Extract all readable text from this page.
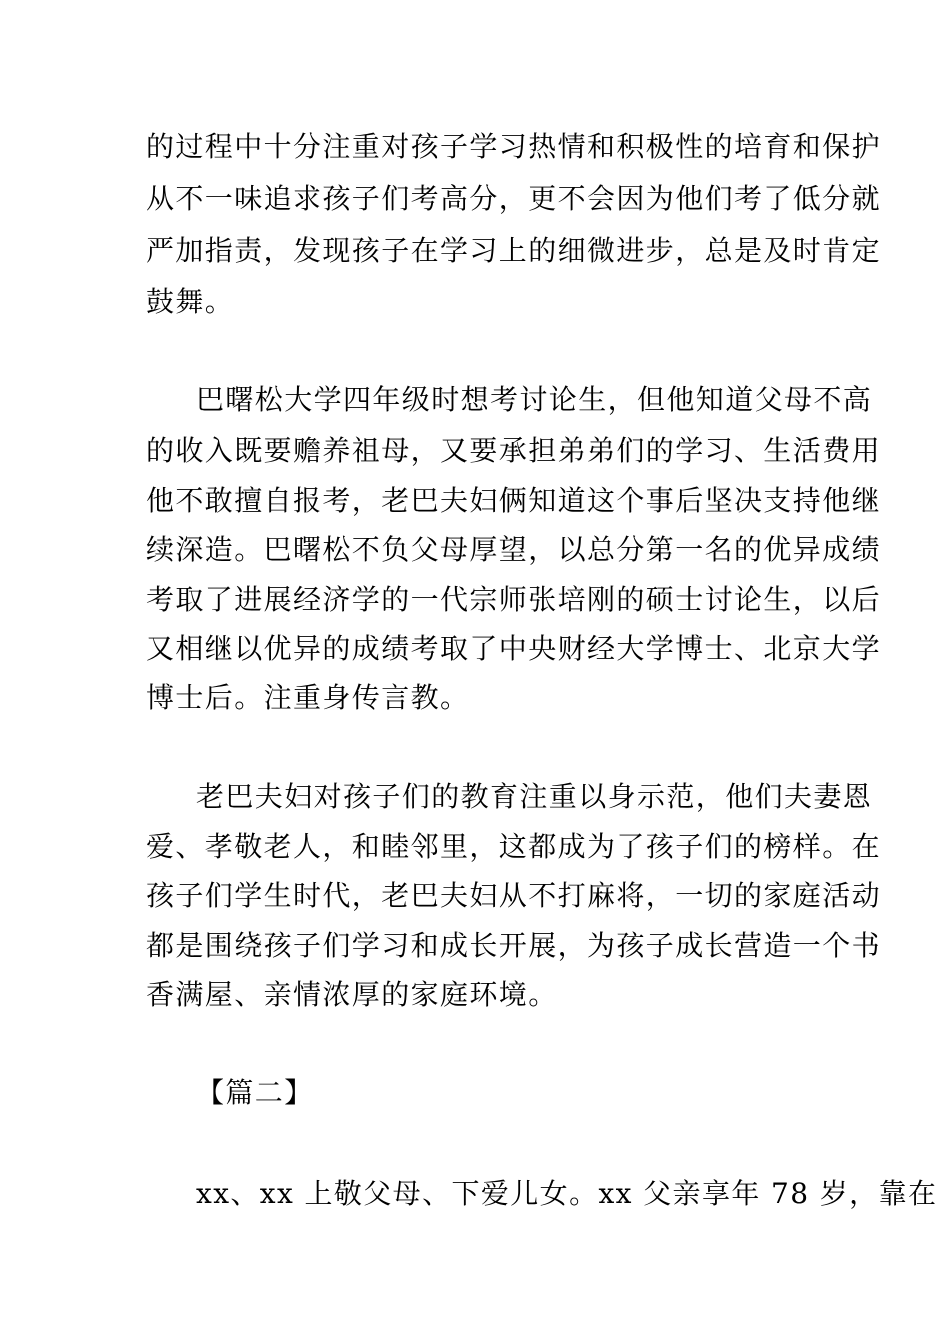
的过程中十分注重对孩子学习热情和积极性的培育和保护
从不一味追求孩子们考高分，更不会因为他们考了低分就
严加指责，发现孩子在学习上的细微进步，总是及时肯定
鼓舞。
巴曙松大学四年级时想考讨论生，但他知道父母不高
的收入既要赡养祖母，又要承担弟弟们的学习、生活费用
他不敢擅自报考，老巴夫妇俩知道这个事后坚决支持他继
续深造。巴曙松不负父母厚望，以总分第一名的优异成绩
考取了进展经济学的一代宗师张培刚的硕士讨论生，以后
又相继以优异的成绩考取了中央财经大学博士、北京大学
博士后。注重身传言教。
老巴夫妇对孩子们的教育注重以身示范，他们夫妻恩
爱、孝敬老人，和睦邻里，这都成为了孩子们的榜样。在
孩子们学生时代，老巴夫妇从不打麻将，一切的家庭活动
都是围绕孩子们学习和成长开展，为孩子成长营造一个书
香满屋、亲情浓厚的家庭环境。
【篇二】
xx、xx 上敬父母、下爱儿女。xx 父亲享年 78 岁，靠在
